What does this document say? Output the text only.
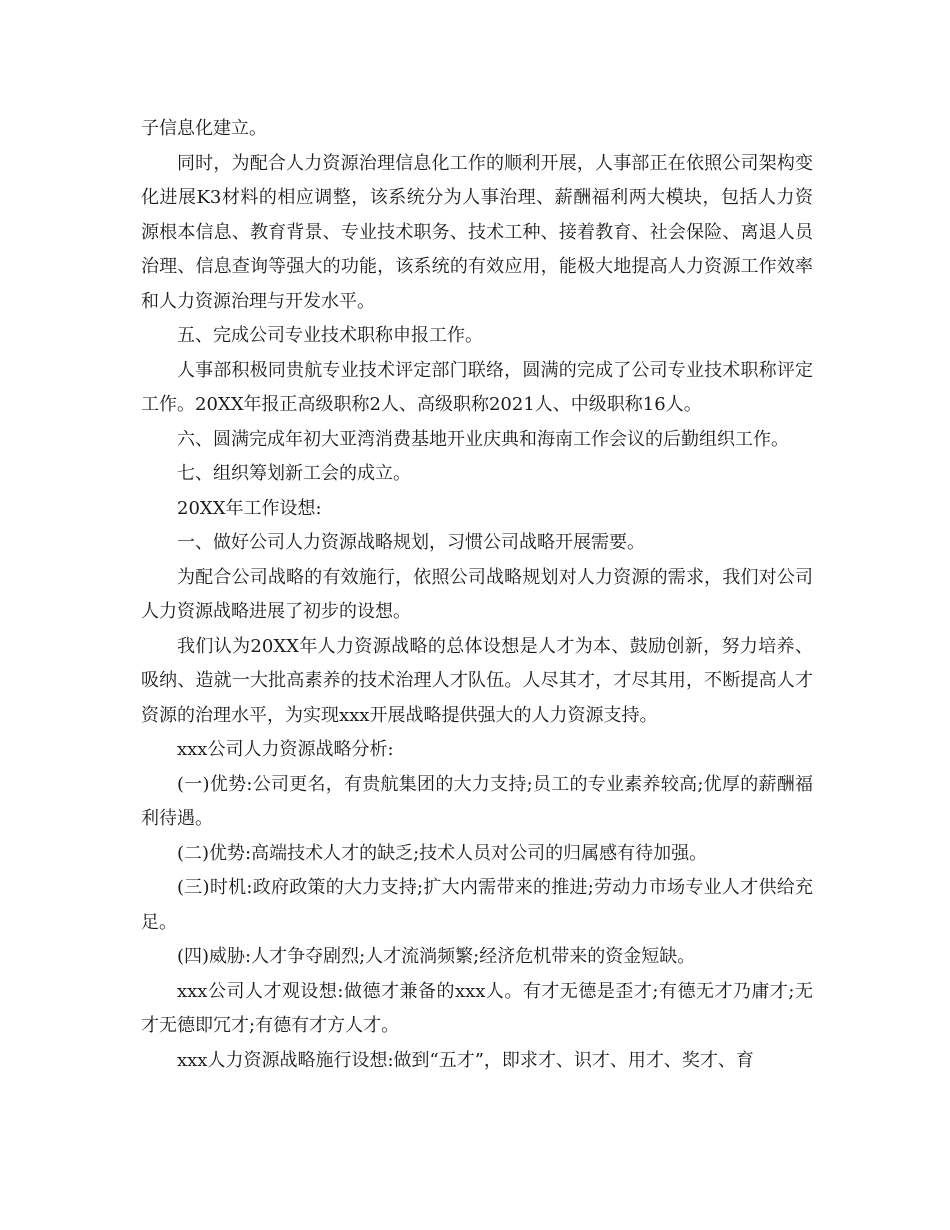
子信息化建立。

同时，为配合人力资源治理信息化工作的顺利开展，人事部正在依照公司架构变化进展K3材料的相应调整，该系统分为人事治理、薪酬福利两大模块，包括人力资源根本信息、教育背景、专业技术职务、技术工种、接着教育、社会保险、离退人员治理、信息查询等强大的功能，该系统的有效应用，能极大地提高人力资源工作效率和人力资源治理与开发水平。

五、完成公司专业技术职称申报工作。

人事部积极同贵航专业技术评定部门联络，圆满的完成了公司专业技术职称评定工作。20XX年报正高级职称2人、高级职称2021人、中级职称16人。

六、圆满完成年初大亚湾消费基地开业庆典和海南工作会议的后勤组织工作。

七、组织筹划新工会的成立。

20XX年工作设想:

一、做好公司人力资源战略规划，习惯公司战略开展需要。

为配合公司战略的有效施行，依照公司战略规划对人力资源的需求，我们对公司人力资源战略进展了初步的设想。

我们认为20XX年人力资源战略的总体设想是人才为本、鼓励创新，努力培养、吸纳、造就一大批高素养的技术治理人才队伍。人尽其才，才尽其用，不断提高人才资源的治理水平，为实现xxx开展战略提供强大的人力资源支持。

xxx公司人力资源战略分析:

(一)优势:公司更名，有贵航集团的大力支持;员工的专业素养较高;优厚的薪酬福利待遇。

(二)优势:高端技术人才的缺乏;技术人员对公司的归属感有待加强。

(三)时机:政府政策的大力支持;扩大内需带来的推进;劳动力市场专业人才供给充足。

(四)威胁:人才争夺剧烈;人才流淌频繁;经济危机带来的资金短缺。

xxx公司人才观设想:做德才兼备的xxx人。有才无德是歪才;有德无才乃庸才;无才无德即冗才;有德有才方人才。

xxx人力资源战略施行设想:做到“五才”，即求才、识才、用才、奖才、育
